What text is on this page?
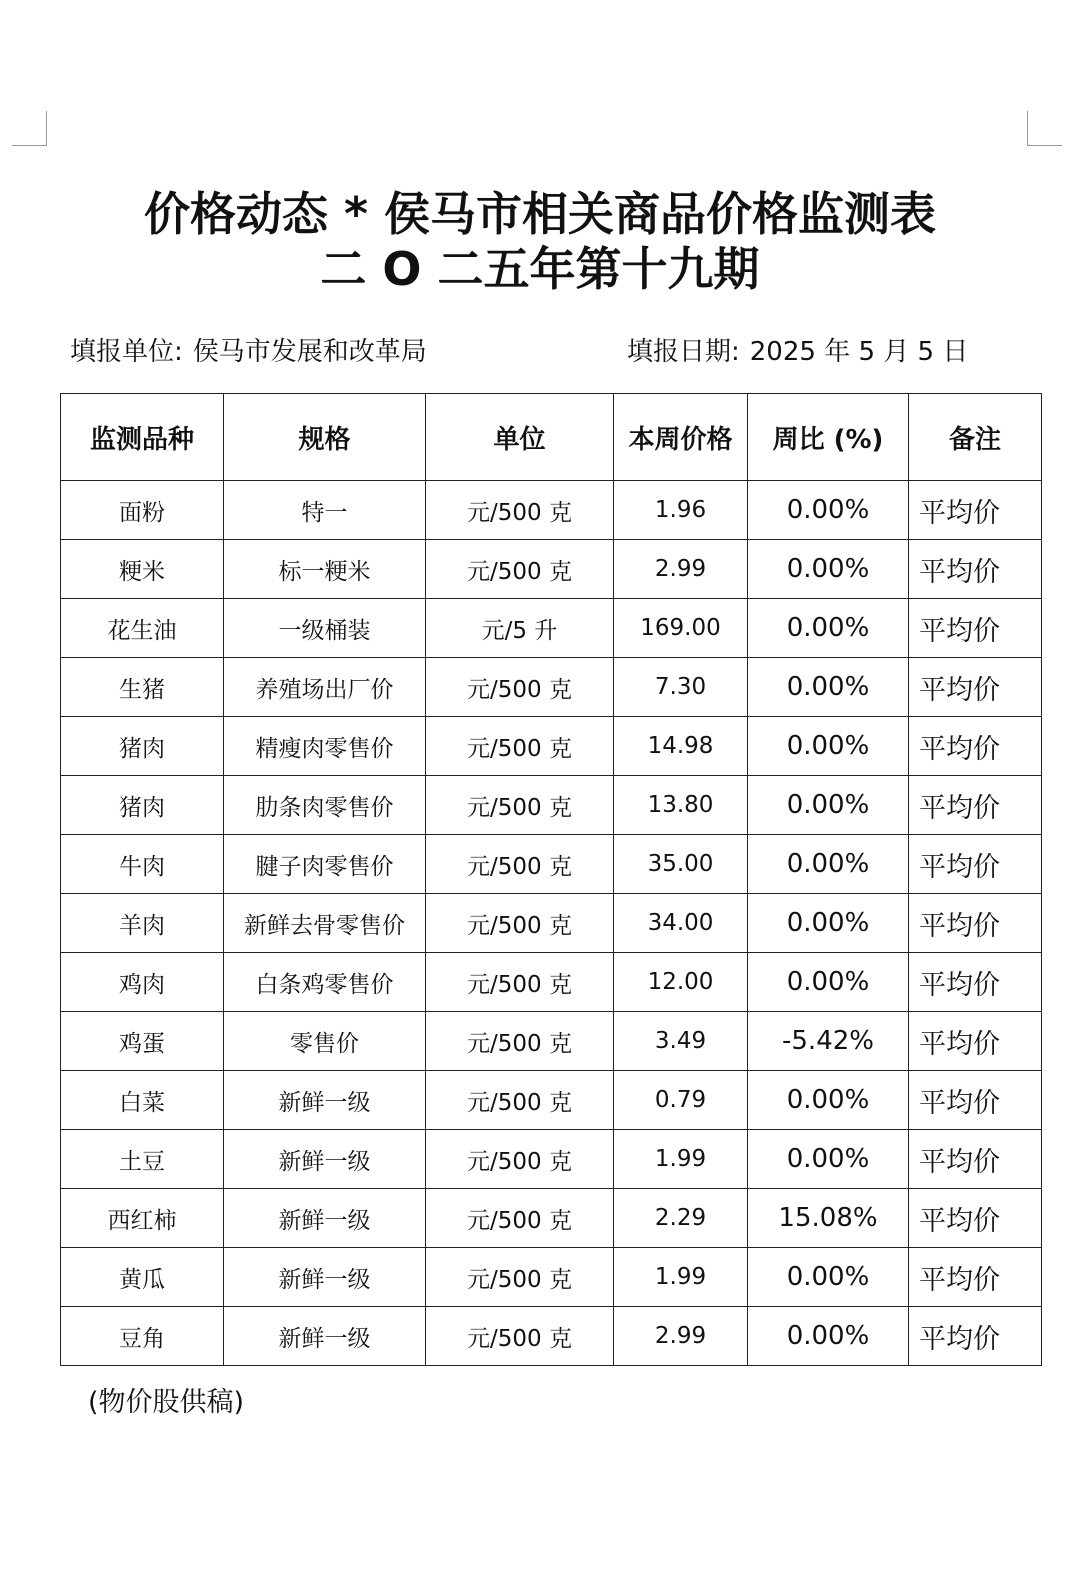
价格动态 * 侯马市相关商品价格监测表
二 O 二五年第十九期
填报单位: 侯马市发展和改革局	填报日期: 2025 年 5 月 5 日
监测品种	规格	单位	本周价格	周比 (%)	备注
面粉	特一	元/500 克	1.96	0.00%	平均价
粳米	标一粳米	元/500 克	2.99	0.00%	平均价
花生油	一级桶装	元/5 升	169.00	0.00%	平均价
生猪	养殖场出厂价	元/500 克	7.30	0.00%	平均价
猪肉	精瘦肉零售价	元/500 克	14.98	0.00%	平均价
猪肉	肋条肉零售价	元/500 克	13.80	0.00%	平均价
牛肉	腱子肉零售价	元/500 克	35.00	0.00%	平均价
羊肉	新鲜去骨零售价	元/500 克	34.00	0.00%	平均价
鸡肉	白条鸡零售价	元/500 克	12.00	0.00%	平均价
鸡蛋	零售价	元/500 克	3.49	-5.42%	平均价
白菜	新鲜一级	元/500 克	0.79	0.00%	平均价
土豆	新鲜一级	元/500 克	1.99	0.00%	平均价
西红柿	新鲜一级	元/500 克	2.29	15.08%	平均价
黄瓜	新鲜一级	元/500 克	1.99	0.00%	平均价
豆角	新鲜一级	元/500 克	2.99	0.00%	平均价
(物价股供稿)
